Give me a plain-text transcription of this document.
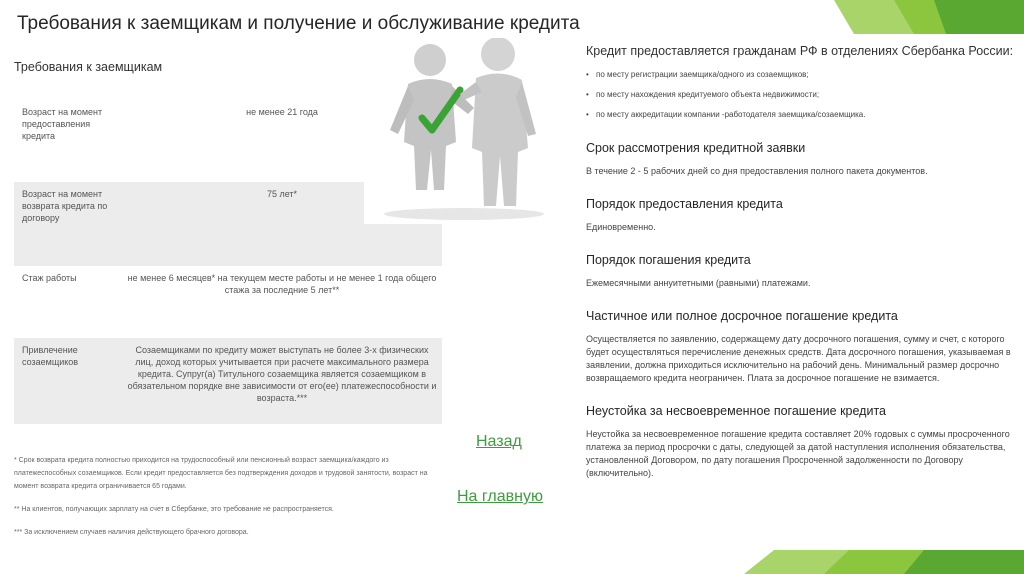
Требования к заемщикам и получение и обслуживание кредита
Требования к заемщикам
Возраст на момент предоставления кредита
не менее 21 года
Возраст на момент возврата кредита по договору
75 лет*
Стаж работы	не менее 6 месяцев* на текущем месте работы и не менее 1 года общего стажа за последние 5 лет**
Привлечение созаемщиков
Созаемщиками по кредиту может выступать не более 3-х физических лиц, доход которых учитывается при расчете максимального размера кредита. Супруг(а) Титульного созаемщика является созаемщиком в обязательном порядке вне зависимости от его(ее) платежеспособности и возраста.***

* Срок возврата кредита полностью приходится на трудоспособный или пенсионный возраст заемщика/каждого из платежеспособных созаемщиков. Если кредит предоставляется без подтверждения доходов и трудовой занятости, возраст на момент возврата кредита ограничивается 65 годами.

** На клиентов, получающих зарплату на счет в Сбербанке, это требование не распространяется.

*** За исключением случаев наличия действующего брачного договора.

Назад
На главную

Кредит предоставляется гражданам РФ в отделениях Сбербанка России:

• по месту регистрации заемщика/одного из созаемщиков;
• по месту нахождения кредитуемого объекта недвижимости;
• по месту аккредитации компании -работодателя заемщика/созаемщика.
Срок рассмотрения кредитной заявки

В течение 2 - 5 рабочих дней со дня предоставления полного пакета документов.

Порядок предоставления кредита

Единовременно.

Порядок погашения кредита

Ежемесячными аннуитетными (равными) платежами.

Частичное или полное досрочное погашение кредита

Осуществляется по заявлению, содержащему дату досрочного погашения, сумму и счет, с которого будет осуществляться перечисление денежных средств. Дата досрочного погашения, указываемая в заявлении, должна приходиться исключительно на рабочий день. Минимальный размер досрочно возвращаемого кредита неограничен. Плата за досрочное погашение не взимается.

Неустойка за несвоевременное погашение кредита

Неустойка за несвоевременное погашение кредита составляет 20% годовых с суммы просроченного платежа за период просрочки с даты, следующей за датой наступления исполнения обязательства, установленной Договором, по дату погашения Просроченной задолженности по Договору (включительно).
